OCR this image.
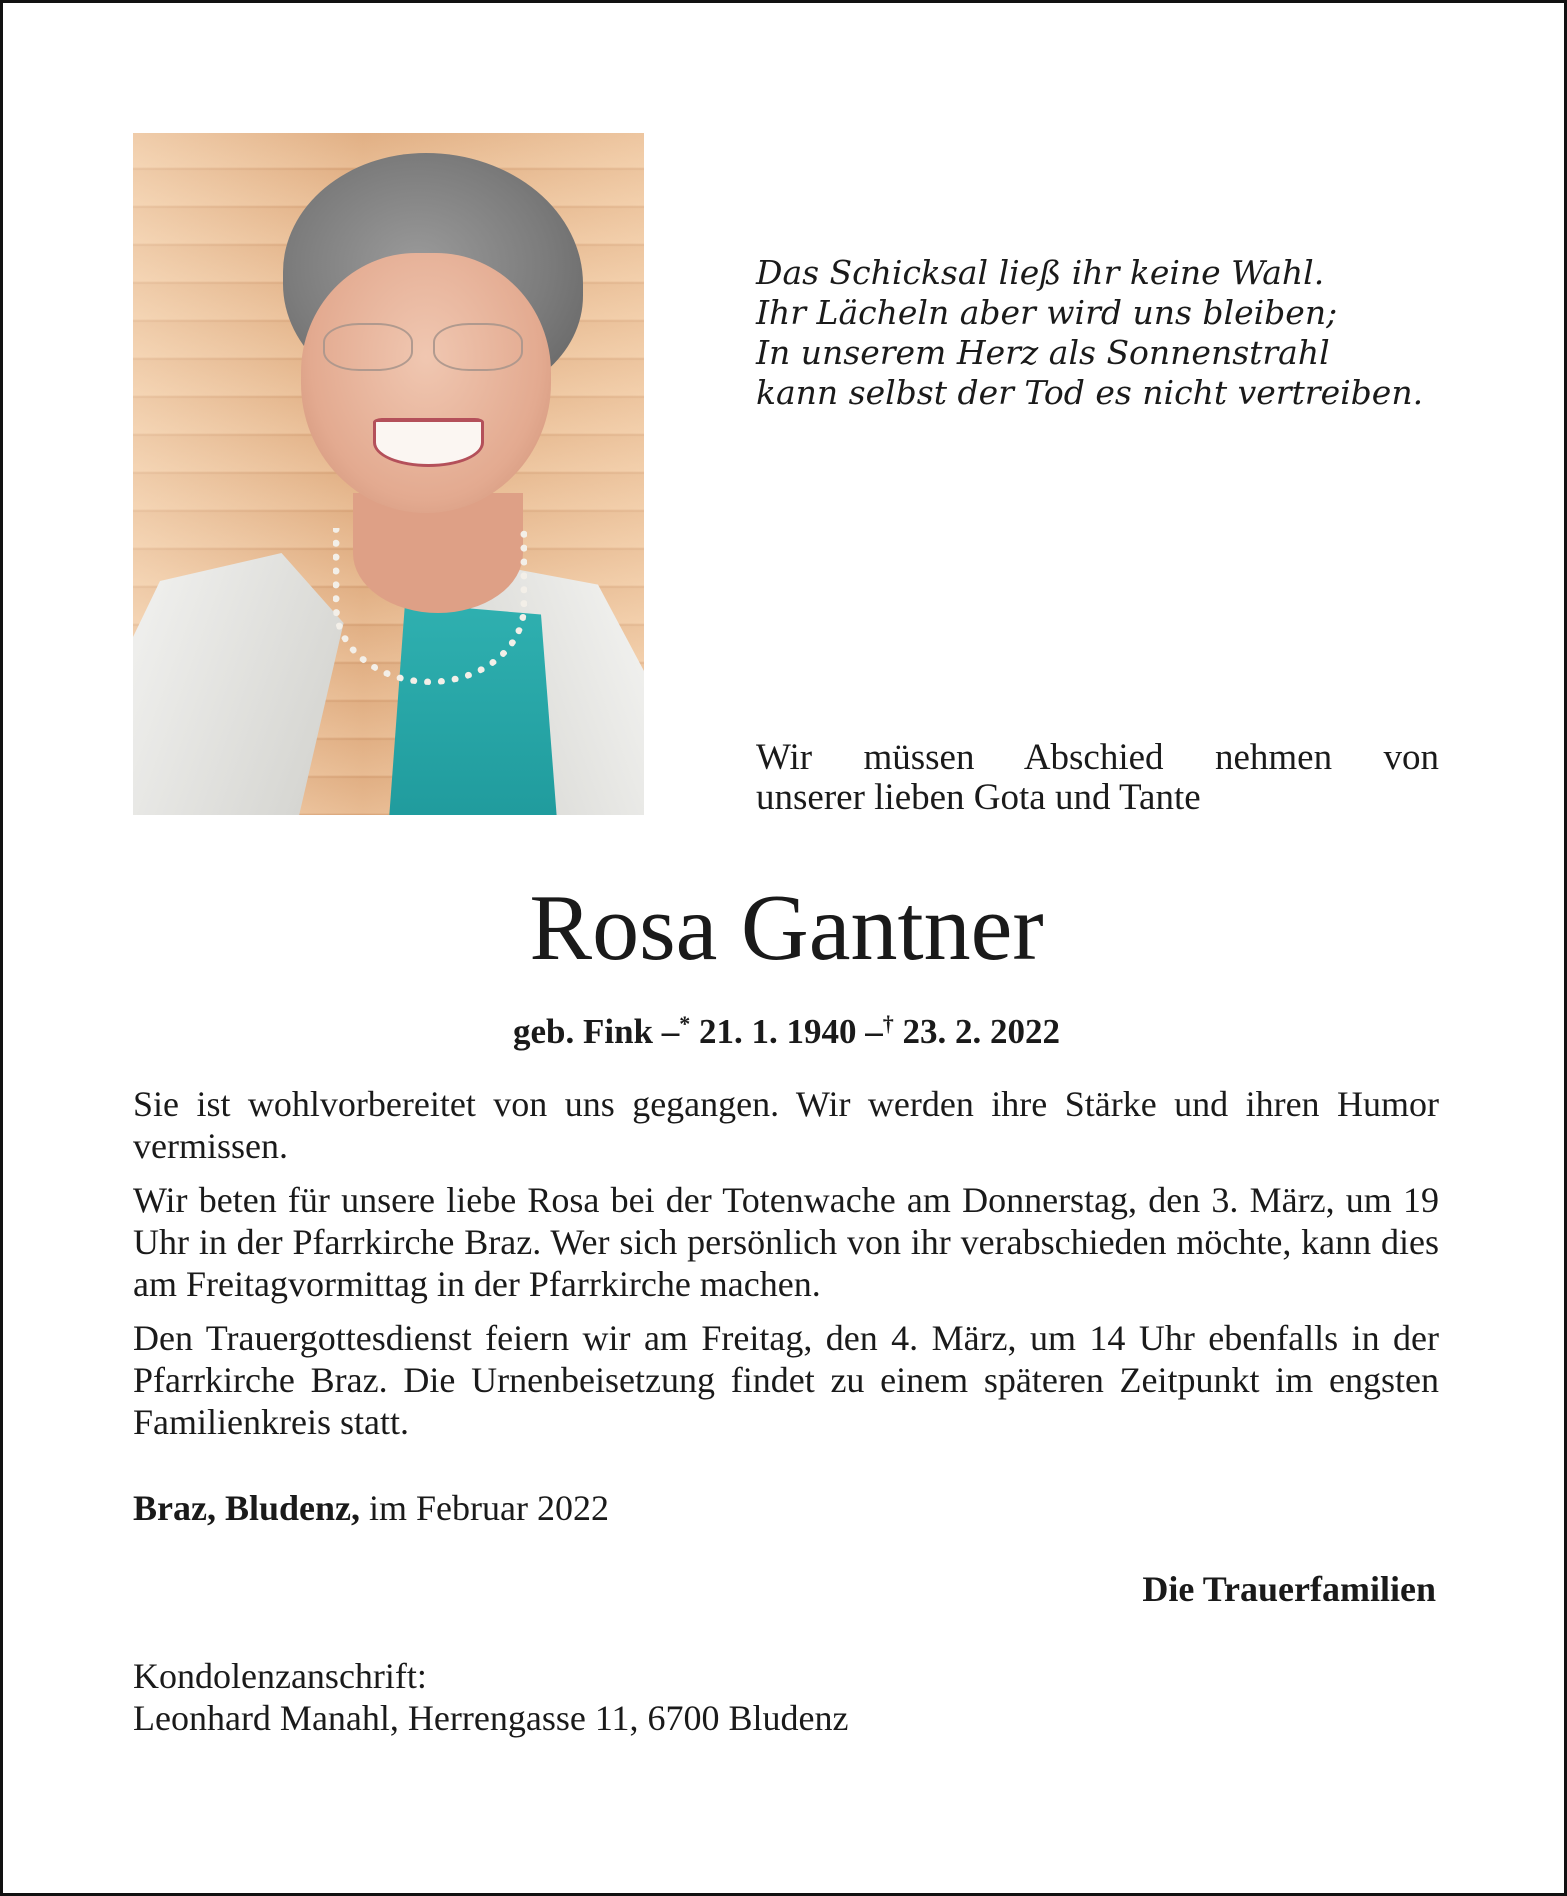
Das Schicksal ließ ihr keine Wahl.
Ihr Lächeln aber wird uns bleiben;
In unserem Herz als Sonnenstrahl
kann selbst der Tod es nicht vertreiben.

Wir müssen Abschied nehmen von
unserer lieben Gota und Tante

Rosa Gantner

geb. Fink –* 21. 1. 1940 –† 23. 2. 2022

Sie ist wohlvorbereitet von uns gegangen. Wir werden ihre Stärke und ihren Humor vermissen.

Wir beten für unsere liebe Rosa bei der Totenwache am Donnerstag, den 3. März, um 19 Uhr in der Pfarrkirche Braz. Wer sich persönlich von ihr verabschieden möchte, kann dies am Freitagvormittag in der Pfarrkirche machen.

Den Trauergottesdienst feiern wir am Freitag, den 4. März, um 14 Uhr ebenfalls in der Pfarrkirche Braz. Die Urnenbeisetzung findet zu einem späteren Zeitpunkt im engsten Familienkreis statt.

Braz, Bludenz, im Februar 2022

Die Trauerfamilien

Kondolenzanschrift:
Leonhard Manahl, Herrengasse 11, 6700 Bludenz
